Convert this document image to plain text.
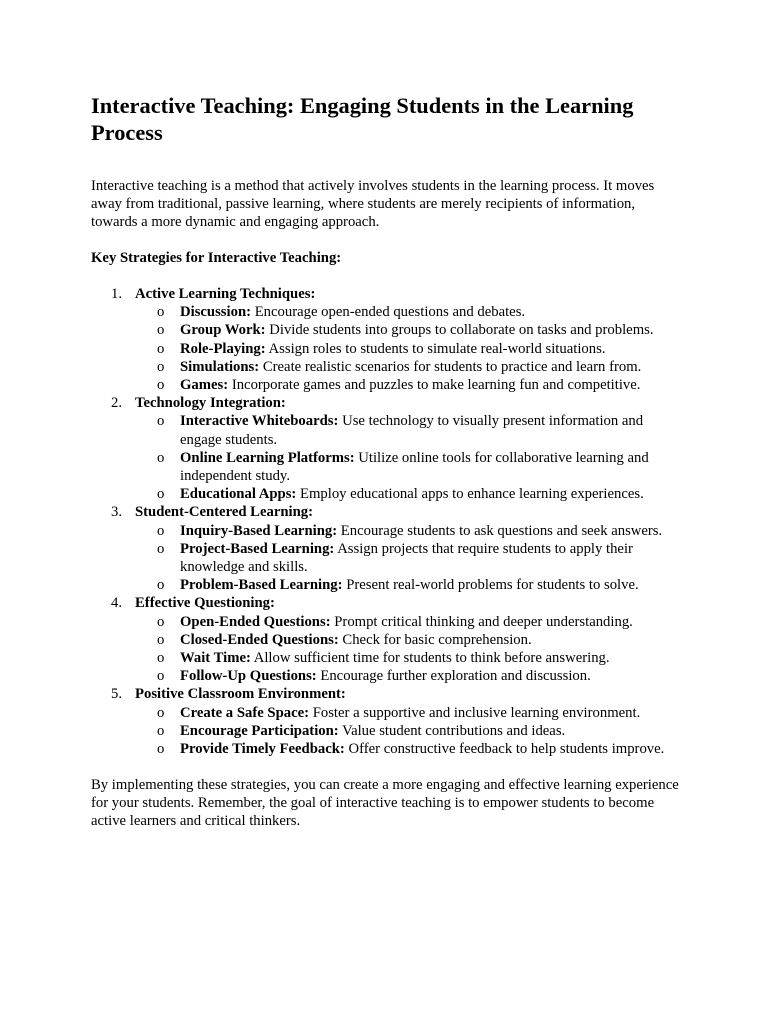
Interactive Teaching: Engaging Students in the Learning Process

Interactive teaching is a method that actively involves students in the learning process. It moves away from traditional, passive learning, where students are merely recipients of information, towards a more dynamic and engaging approach.

Key Strategies for Interactive Teaching:

1. Active Learning Techniques:
o Discussion: Encourage open-ended questions and debates.
o Group Work: Divide students into groups to collaborate on tasks and problems.
o Role-Playing: Assign roles to students to simulate real-world situations.
o Simulations: Create realistic scenarios for students to practice and learn from.
o Games: Incorporate games and puzzles to make learning fun and competitive.
2. Technology Integration:
o Interactive Whiteboards: Use technology to visually present information and engage students.
o Online Learning Platforms: Utilize online tools for collaborative learning and independent study.
o Educational Apps: Employ educational apps to enhance learning experiences.
3. Student-Centered Learning:
o Inquiry-Based Learning: Encourage students to ask questions and seek answers.
o Project-Based Learning: Assign projects that require students to apply their knowledge and skills.
o Problem-Based Learning: Present real-world problems for students to solve.
4. Effective Questioning:
o Open-Ended Questions: Prompt critical thinking and deeper understanding.
o Closed-Ended Questions: Check for basic comprehension.
o Wait Time: Allow sufficient time for students to think before answering.
o Follow-Up Questions: Encourage further exploration and discussion.
5. Positive Classroom Environment:
o Create a Safe Space: Foster a supportive and inclusive learning environment.
o Encourage Participation: Value student contributions and ideas.
o Provide Timely Feedback: Offer constructive feedback to help students improve.

By implementing these strategies, you can create a more engaging and effective learning experience for your students. Remember, the goal of interactive teaching is to empower students to become active learners and critical thinkers.
